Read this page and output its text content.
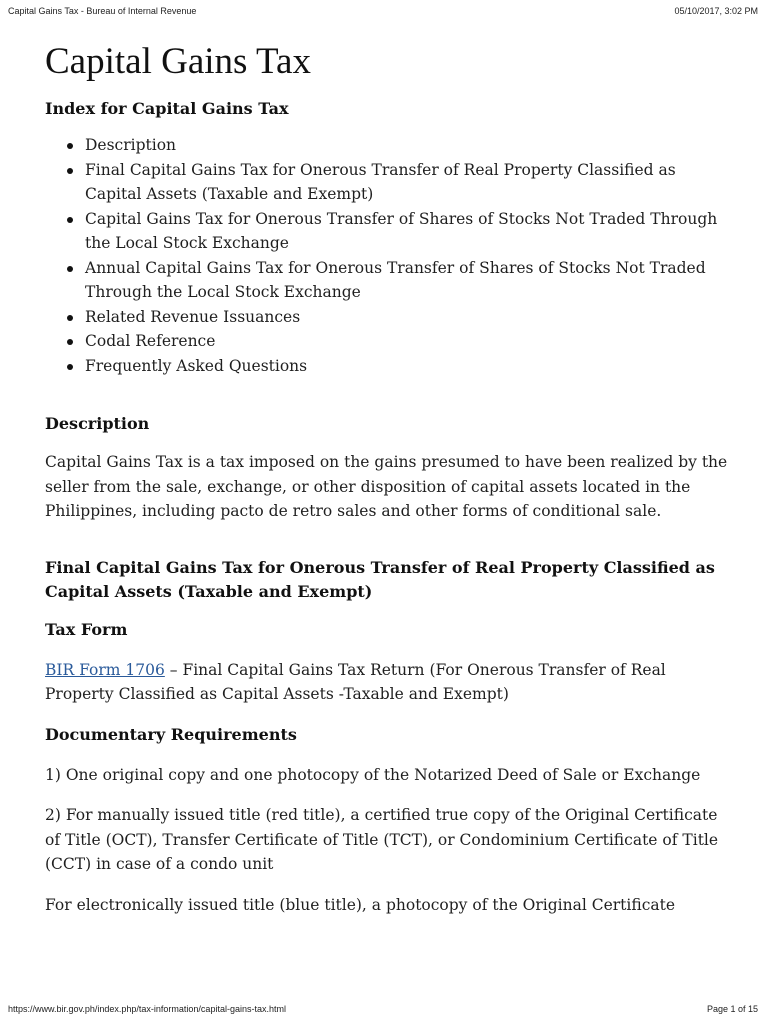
Capital Gains Tax - Bureau of Internal Revenue	05/10/2017, 3:02 PM
Capital Gains Tax
Index for Capital Gains Tax
Description
Final Capital Gains Tax for Onerous Transfer of Real Property Classified as Capital Assets (Taxable and Exempt)
Capital Gains Tax for Onerous Transfer of Shares of Stocks Not Traded Through the Local Stock Exchange
Annual Capital Gains Tax for Onerous Transfer of Shares of Stocks Not Traded Through the Local Stock Exchange
Related Revenue Issuances
Codal Reference
Frequently Asked Questions
Description

Capital Gains Tax is a tax imposed on the gains presumed to have been realized by the seller from the sale, exchange, or other disposition of capital assets located in the Philippines, including pacto de retro sales and other forms of conditional sale.

Final Capital Gains Tax for Onerous Transfer of Real Property Classified as Capital Assets (Taxable and Exempt)
Tax Form

BIR Form 1706 – Final Capital Gains Tax Return (For Onerous Transfer of Real Property Classified as Capital Assets -Taxable and Exempt)

Documentary Requirements

1) One original copy and one photocopy of the Notarized Deed of Sale or Exchange

2) For manually issued title (red title), a certified true copy of the Original Certificate of Title (OCT), Transfer Certificate of Title (TCT), or Condominium Certificate of Title (CCT) in case of a condo unit

For electronically issued title (blue title), a photocopy of the Original Certificate

https://www.bir.gov.ph/index.php/tax-information/capital-gains-tax.html	Page 1 of 15
